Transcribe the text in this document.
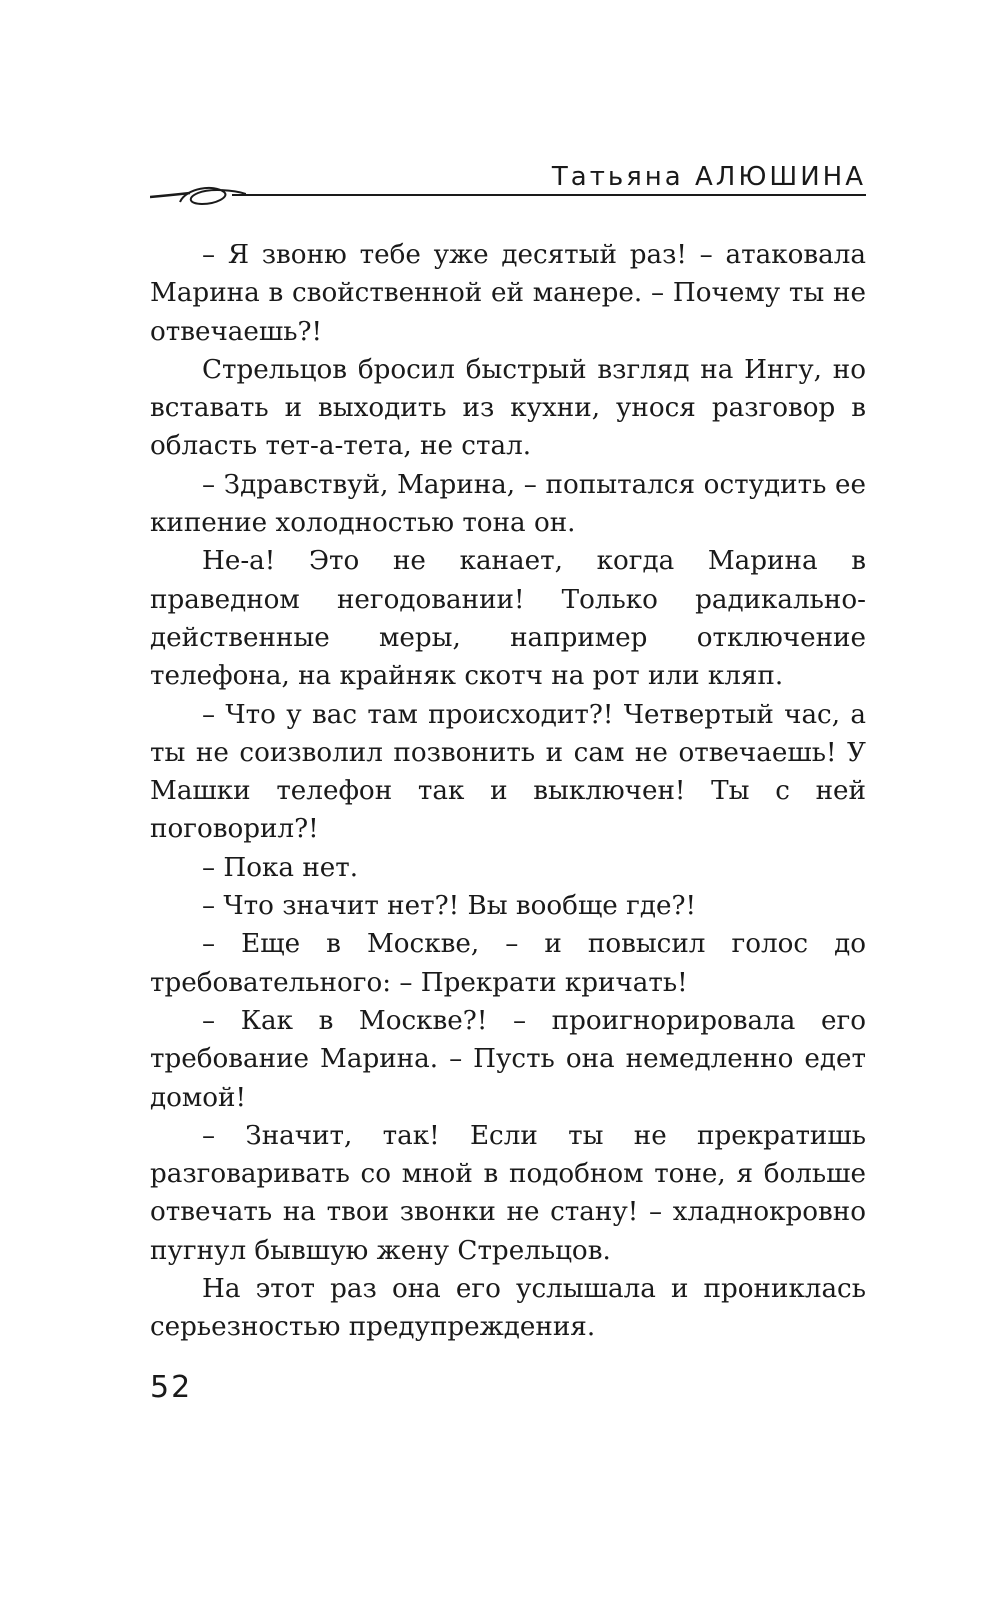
Татьяна АЛЮШИНА

– Я звоню тебе уже десятый раз! – атаковала Марина в свойственной ей манере. – Почему ты не отвечаешь?!

Стрельцов бросил быстрый взгляд на Ингу, но вставать и выходить из кухни, унося разговор в область тет-а-тета, не стал.

– Здравствуй, Марина, – попытался остудить ее кипение холодностью тона он.

Не-а! Это не канает, когда Марина в праведном негодовании! Только радикально-действенные меры, например отключение телефона, на крайняк скотч на рот или кляп.

– Что у вас там происходит?! Четвертый час, а ты не соизволил позвонить и сам не отвечаешь! У Машки телефон так и выключен! Ты с ней поговорил?!

– Пока нет.

– Что значит нет?! Вы вообще где?!

– Еще в Москве, – и повысил голос до требовательного: – Прекрати кричать!

– Как в Москве?! – проигнорировала его требование Марина. – Пусть она немедленно едет домой!

– Значит, так! Если ты не прекратишь разговаривать со мной в подобном тоне, я больше отвечать на твои звонки не стану! – хладнокровно пугнул бывшую жену Стрельцов.

На этот раз она его услышала и прониклась серьезностью предупреждения.

52
